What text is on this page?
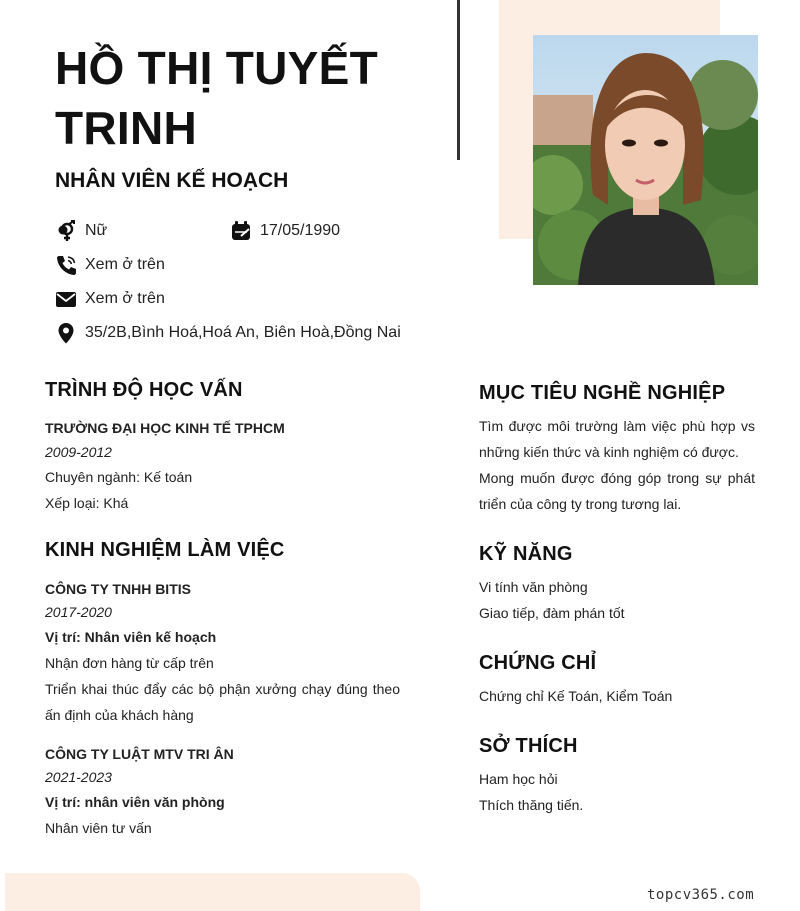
HỒ THỊ TUYẾT TRINH
NHÂN VIÊN KẾ HOẠCH
Nữ	17/05/1990
Xem ở trên
Xem ở trên
35/2B,Bình Hoá,Hoá An, Biên Hoà,Đồng Nai
TRÌNH ĐỘ HỌC VẤN
TRƯỜNG ĐẠI HỌC KINH TẾ TPHCM
2009-2012
Chuyên ngành: Kế toán
Xếp loại: Khá
KINH NGHIỆM LÀM VIỆC
CÔNG TY TNHH BITIS
2017-2020
Vị trí: Nhân viên kế hoạch
Nhận đơn hàng từ cấp trên
Triển khai thúc đẩy các bộ phận xưởng chạy đúng theo ấn định của khách hàng
CÔNG TY LUẬT MTV TRI ÂN
2021-2023
Vị trí: nhân viên văn phòng
Nhân viên tư vấn
MỤC TIÊU NGHỀ NGHIỆP
Tìm được môi trường làm việc phù hợp vs những kiến thức và kinh nghiệm có được.
Mong muốn được đóng góp trong sự phát triển của công ty trong tương lai.
KỸ NĂNG
Vi tính văn phòng
Giao tiếp, đàm phán tốt
CHỨNG CHỈ
Chứng chỉ Kế Toán, Kiểm Toán
SỞ THÍCH
Ham học hỏi
Thích thăng tiến.
topcv365.com
